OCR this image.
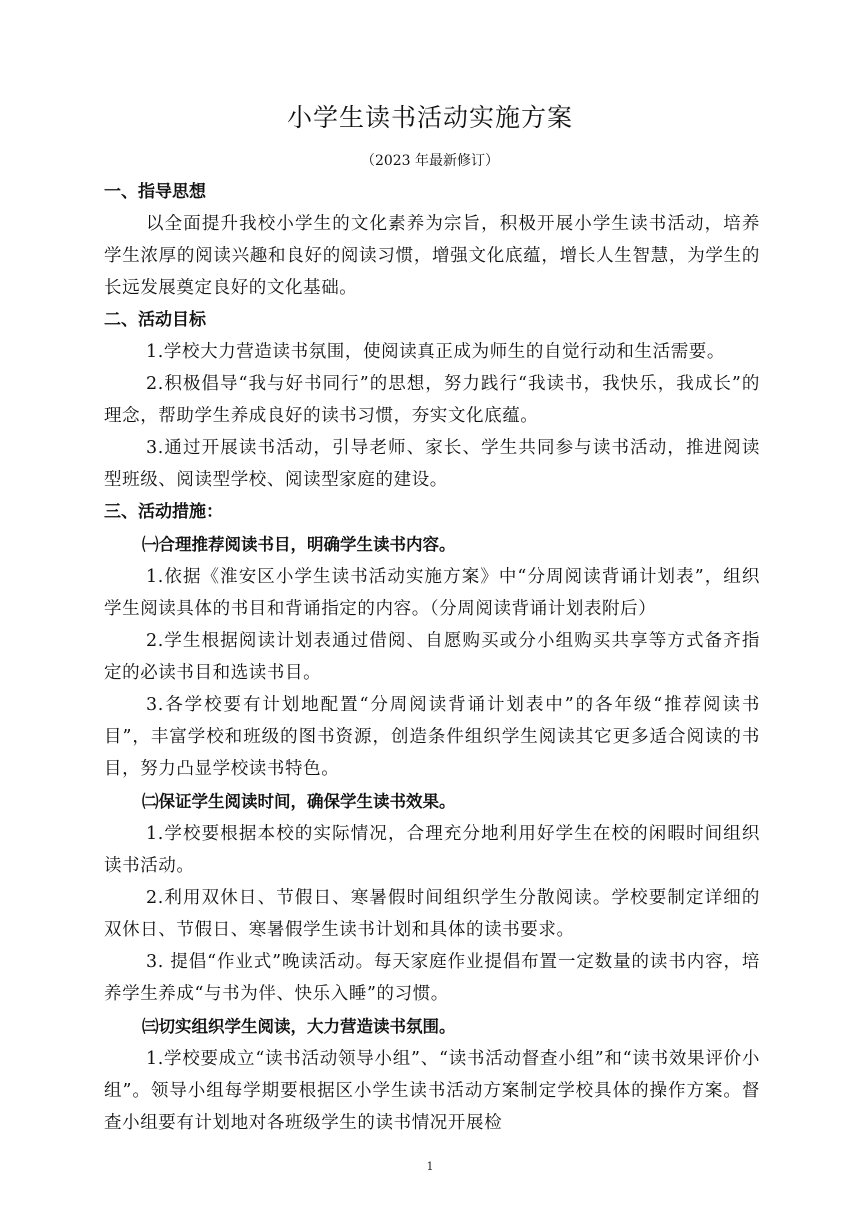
小学生读书活动实施方案
（2023 年最新修订）

一、指导思想

以全面提升我校小学生的文化素养为宗旨，积极开展小学生读书活动，培养学生浓厚的阅读兴趣和良好的阅读习惯，增强文化底蕴，增长人生智慧，为学生的长远发展奠定良好的文化基础。

二、活动目标

1.学校大力营造读书氛围，使阅读真正成为师生的自觉行动和生活需要。

2.积极倡导“我与好书同行”的思想，努力践行“我读书，我快乐，我成长”的理念，帮助学生养成良好的读书习惯，夯实文化底蕴。

3.通过开展读书活动，引导老师、家长、学生共同参与读书活动，推进阅读型班级、阅读型学校、阅读型家庭的建设。

三、活动措施：

㈠合理推荐阅读书目，明确学生读书内容。

1.依据《淮安区小学生读书活动实施方案》中“分周阅读背诵计划表”，组织学生阅读具体的书目和背诵指定的内容。（分周阅读背诵计划表附后）

2.学生根据阅读计划表通过借阅、自愿购买或分小组购买共享等方式备齐指定的必读书目和选读书目。

3.各学校要有计划地配置“分周阅读背诵计划表中”的各年级“推荐阅读书目”，丰富学校和班级的图书资源，创造条件组织学生阅读其它更多适合阅读的书目，努力凸显学校读书特色。

㈡保证学生阅读时间，确保学生读书效果。

1.学校要根据本校的实际情况，合理充分地利用好学生在校的闲暇时间组织读书活动。

2.利用双休日、节假日、寒暑假时间组织学生分散阅读。学校要制定详细的双休日、节假日、寒暑假学生读书计划和具体的读书要求。

3. 提倡“作业式”晚读活动。每天家庭作业提倡布置一定数量的读书内容，培养学生养成“与书为伴、快乐入睡”的习惯。

㈢切实组织学生阅读，大力营造读书氛围。

1.学校要成立“读书活动领导小组”、“读书活动督查小组”和“读书效果评价小组”。领导小组每学期要根据区小学生读书活动方案制定学校具体的操作方案。督查小组要有计划地对各班级学生的读书情况开展检

1
